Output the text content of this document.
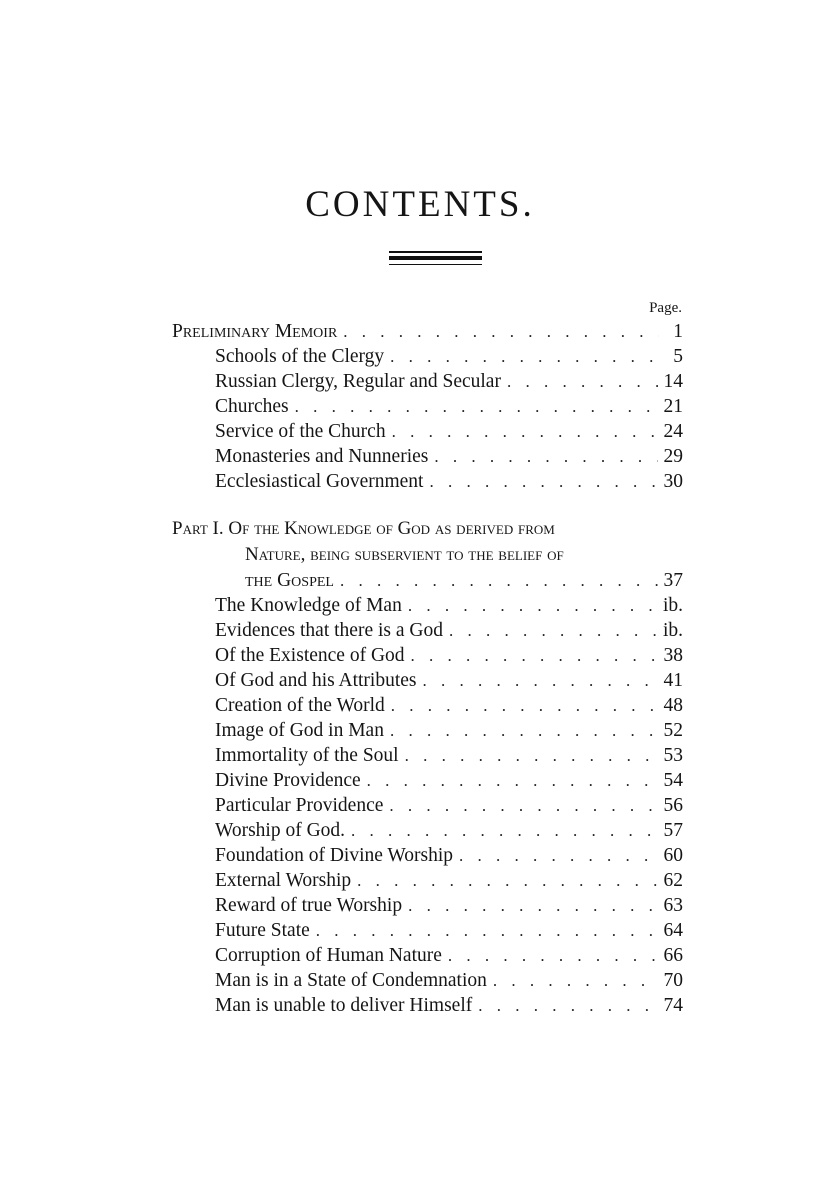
CONTENTS.
Page.
Preliminary Memoir . . .	1
Schools of the Clergy . . .	5
Russian Clergy, Regular and Secular . . .	14
Churches . . .	21
Service of the Church . . .	24
Monasteries and Nunneries . . .	29
Ecclesiastical Government . . .	30
Part I. Of the Knowledge of God as derived from
Nature, being subservient to the belief of
the Gospel . . .	37
The Knowledge of Man . . .	ib.
Evidences that there is a God . . .	ib.
Of the Existence of God . . .	38
Of God and his Attributes . . .	41
Creation of the World . . .	48
Image of God in Man . . .	52
Immortality of the Soul . . .	53
Divine Providence . . .	54
Particular Providence . . .	56
Worship of God. . . .	57
Foundation of Divine Worship . . .	60
External Worship . . .	62
Reward of true Worship . . .	63
Future State . . .	64
Corruption of Human Nature . . .	66
Man is in a State of Condemnation . . .	70
Man is unable to deliver Himself . . .	74
